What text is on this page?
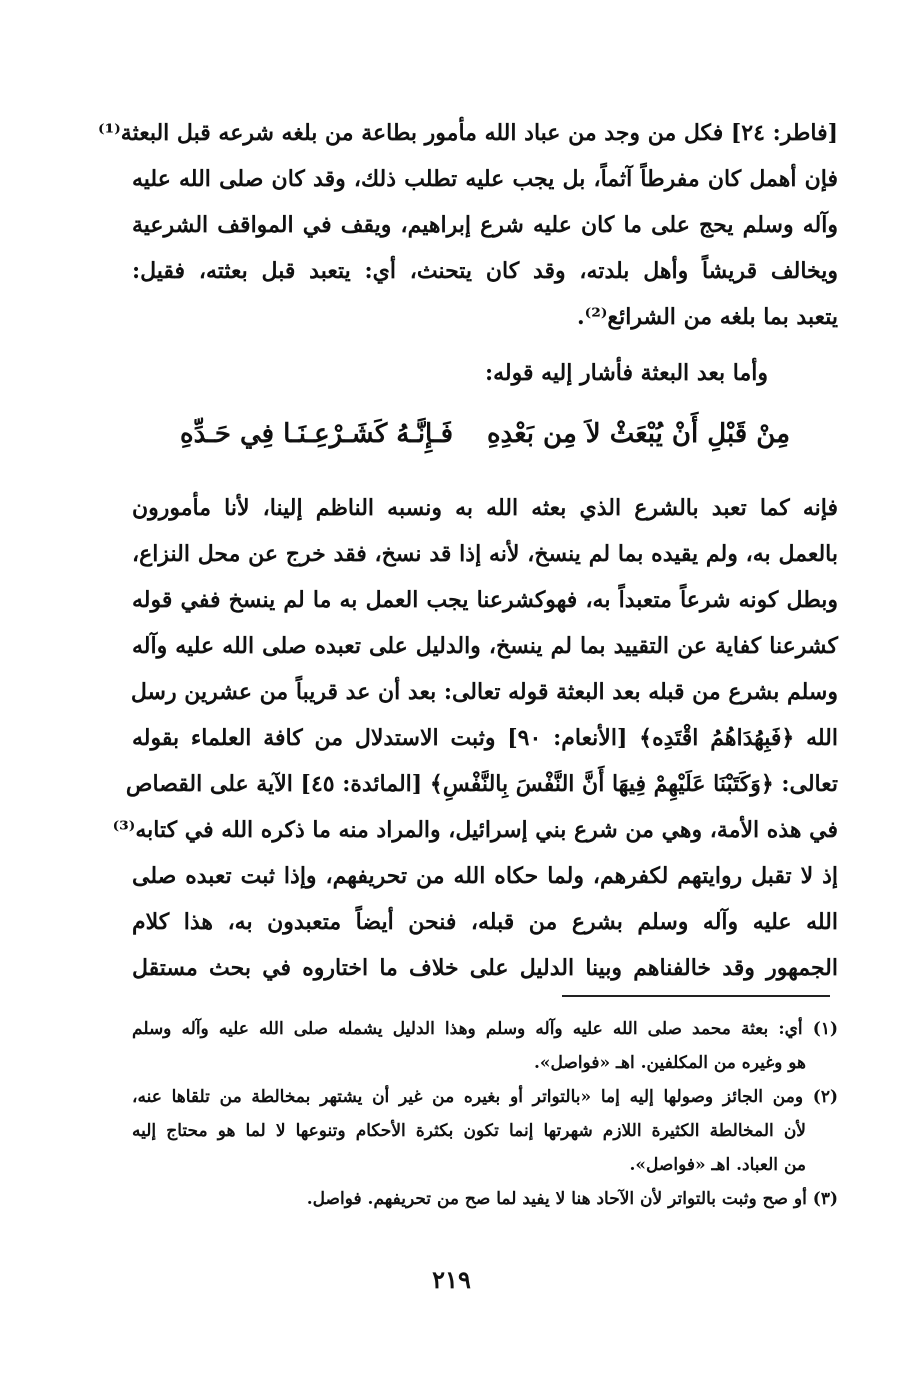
[فاطر: ٢٤] فكل من وجد من عباد الله مأمور بطاعة من بلغه شرعه قبل البعثة⁽¹⁾
فإن أهمل كان مفرطاً آثماً، بل يجب عليه تطلب ذلك، وقد كان صلى الله عليه
وآله وسلم يحج على ما كان عليه شرع إبراهيم، ويقف في المواقف الشرعية
ويخالف قريشاً وأهل بلدته، وقد كان يتحنث، أي: يتعبد قبل بعثته، فقيل:
يتعبد بما بلغه من الشرائع⁽²⁾.
وأما بعد البعثة فأشار إليه قوله:
مِنْ قَبْلِ أَنْ يُبْعَثْ لاَ مِن بَعْدِهِ
فَـإِنَّـهُ كَشَـرْعِـنَـا فِي حَـدِّهِ
فإنه كما تعبد بالشرع الذي بعثه الله به ونسبه الناظم إلينا، لأنا مأمورون
بالعمل به، ولم يقيده بما لم ينسخ، لأنه إذا قد نسخ، فقد خرج عن محل النزاع،
وبطل كونه شرعاً متعبداً به، فهوكشرعنا يجب العمل به ما لم ينسخ ففي قوله
كشرعنا كفاية عن التقييد بما لم ينسخ، والدليل على تعبده صلى الله عليه وآله
وسلم بشرع من قبله بعد البعثة قوله تعالى: بعد أن عد قريباً من عشرين رسل
الله ﴿فَبِهُدَاهُمُ اقْتَدِه﴾ [الأنعام: ٩٠] وثبت الاستدلال من كافة العلماء بقوله
تعالى: ﴿وَكَتَبْنَا عَلَيْهِمْ فِيهَا أَنَّ النَّفْسَ بِالنَّفْسِ﴾ [المائدة: ٤٥] الآية على القصاص
في هذه الأمة، وهي من شرع بني إسرائيل، والمراد منه ما ذكره الله في كتابه⁽³⁾
إذ لا تقبل روايتهم لكفرهم، ولما حكاه الله من تحريفهم، وإذا ثبت تعبده صلى
الله عليه وآله وسلم بشرع من قبله، فنحن أيضاً متعبدون به، هذا كلام
الجمهور وقد خالفناهم وبينا الدليل على خلاف ما اختاروه في بحث مستقل
(١) أي: بعثة محمد صلى الله عليه وآله وسلم وهذا الدليل يشمله صلى الله عليه وآله وسلم
هو وغيره من المكلفين. اهـ «فواصل».
(٢) ومن الجائز وصولها إليه إما «بالتواتر أو بغيره من غير أن يشتهر بمخالطة من تلقاها عنه،
لأن المخالطة الكثيرة اللازم شهرتها إنما تكون بكثرة الأحكام وتنوعها لا لما هو محتاج إليه
من العباد. اهـ «فواصل».
(٣) أو صح وثبت بالتواتر لأن الآحاد هنا لا يفيد لما صح من تحريفهم. فواصل.
٢١٩
